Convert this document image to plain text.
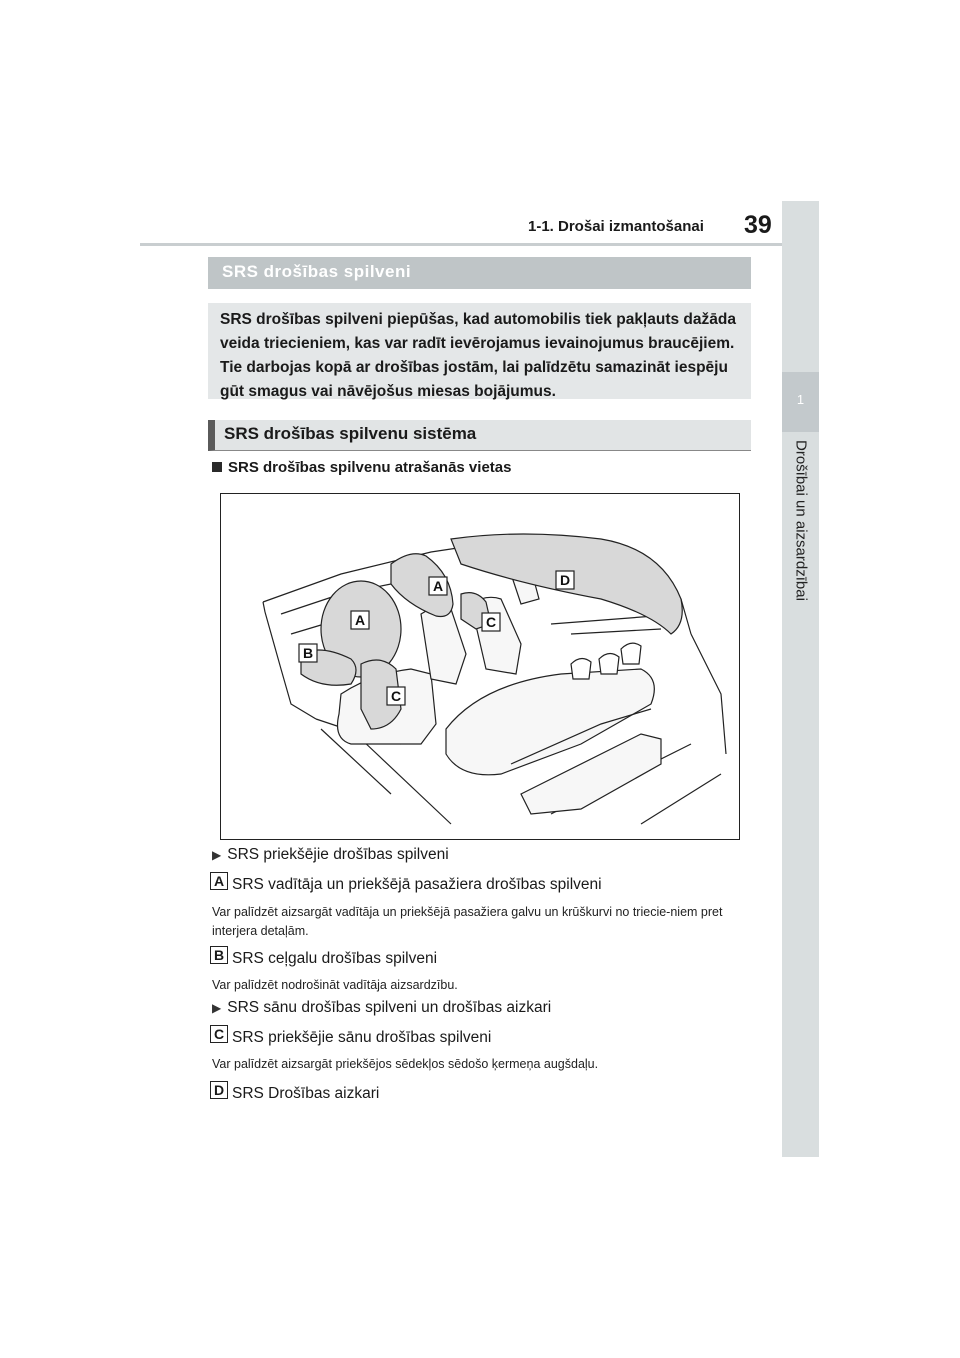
1-1. Drošai izmantošanai 39
1
Drošībai un aizsardzībai
SRS drošības spilveni

SRS drošības spilveni piepūšas, kad automobilis tiek pakļauts dažāda veida triecieniem, kas var radīt ievērojamus ievainojumus braucējiem. Tie darbojas kopā ar drošības jostām, lai palīdzētu samazināt iespēju gūt smagus vai nāvējošus miesas bojājumus.

SRS drošības spilvenu sistēma
SRS drošības spilvenu atrašanās vietas
A
A
B
C
C
D
▶ SRS priekšējie drošības spilveni
A SRS vadītāja un priekšējā pasažiera drošības spilveni
Var palīdzēt aizsargāt vadītāja un priekšējā pasažiera galvu un krūškurvi no triecie-niem pret interjera detaļām.
B SRS ceļgalu drošības spilveni
Var palīdzēt nodrošināt vadītāja aizsardzību.
▶ SRS sānu drošības spilveni un drošības aizkari
C SRS priekšējie sānu drošības spilveni
Var palīdzēt aizsargāt priekšējos sēdekļos sēdošo ķermeņa augšdaļu.
D SRS Drošības aizkari
